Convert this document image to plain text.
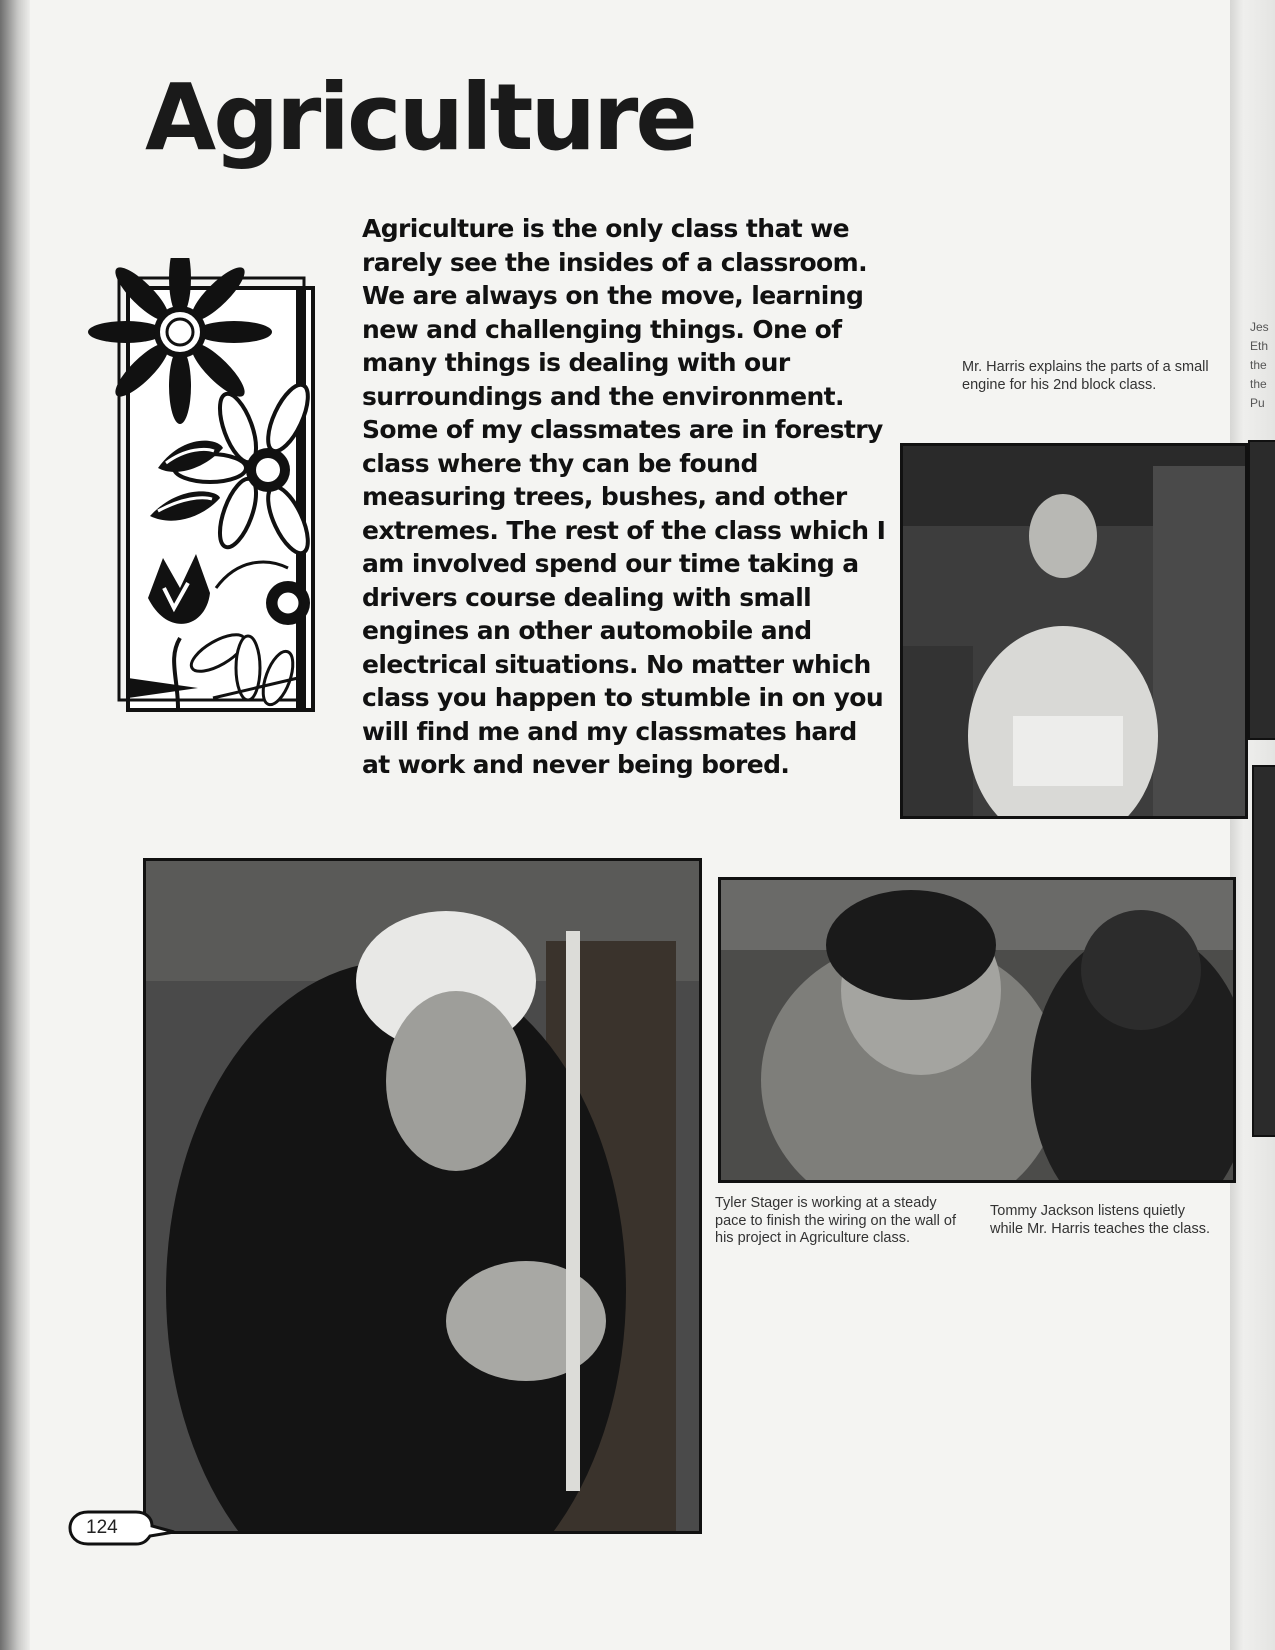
Jes
Eth
the
the
Pu
Agriculture

Agriculture is the only class that we rarely see the insides of a classroom. We are always on the move, learning new and challenging things. One of many things is dealing with our surroundings and the environment. Some of my classmates are in forestry class where thy can be found measuring trees, bushes, and other extremes. The rest of the class which I am involved spend our time taking a drivers course dealing with small engines an other automobile and electrical situations. No matter which class you happen to stumble in on you will find me and my classmates hard at work and never being bored.

Mr. Harris explains the parts of a small engine for his 2nd block class.

Tyler Stager is working at a steady pace to finish the wiring on the wall of his project in Agriculture class.

Tommy Jackson listens quietly while Mr. Harris teaches the class.

124
